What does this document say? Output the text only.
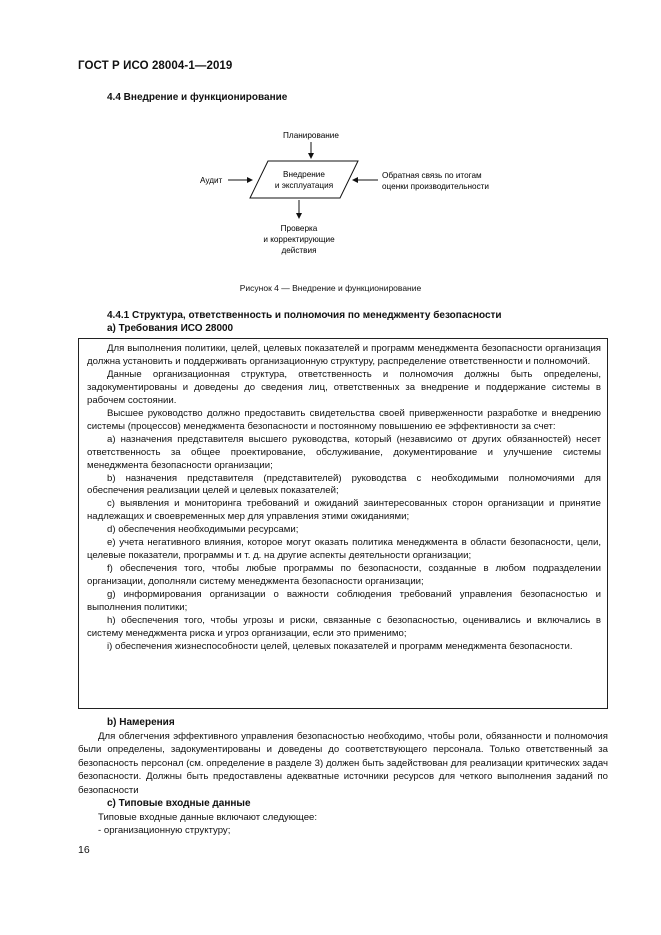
ГОСТ Р ИСО 28004-1—2019
4.4 Внедрение и функционирование
Планирование
Внедрение
и эксплуатация
Аудит
Обратная связь по итогам
оценки производительности
Проверка
и корректирующие
действия
Рисунок 4 — Внедрение и функционирование
4.4.1 Структура, ответственность и полномочия по менеджменту безопасности
а) Требования ИСО 28000

Для выполнения политики, целей, целевых показателей и программ менеджмента безопасности организация должна установить и поддерживать организационную структуру, распределение ответственности и полномочий.

Данные организационная структура, ответственность и полномочия должны быть определены, задокументированы и доведены до сведения лиц, ответственных за внедрение и поддержание системы в рабочем состоянии.

Высшее руководство должно предоставить свидетельства своей приверженности разработке и внедрению системы (процессов) менеджмента безопасности и постоянному повышению ее эффективности за счет:

а) назначения представителя высшего руководства, который (независимо от других обязанностей) несет ответственность за общее проектирование, обслуживание, документирование и улучшение системы менеджмента безопасности организации;

b) назначения представителя (представителей) руководства с необходимыми полномочиями для обеспечения реализации целей и целевых показателей;

c) выявления и мониторинга требований и ожиданий заинтересованных сторон организации и принятие надлежащих и своевременных мер для управления этими ожиданиями;

d) обеспечения необходимыми ресурсами;

e) учета негативного влияния, которое могут оказать политика менеджмента в области безопасности, цели, целевые показатели, программы и т. д. на другие аспекты деятельности организации;

f) обеспечения того, чтобы любые программы по безопасности, созданные в любом подразделении организации, дополняли систему менеджмента безопасности организации;

g) информирования организации о важности соблюдения требований управления безопасностью и выполнения политики;

h) обеспечения того, чтобы угрозы и риски, связанные с безопасностью, оценивались и включались в систему менеджмента риска и угроз организации, если это применимо;

i) обеспечения жизнеспособности целей, целевых показателей и программ менеджмента безопасности.

b) Намерения

Для облегчения эффективного управления безопасностью необходимо, чтобы роли, обязанности и полномочия были определены, задокументированы и доведены до соответствующего персонала. Только ответственный за безопасность персонал (см. определение в разделе 3) должен быть задействован для реализации критических задач безопасности. Должны быть предоставлены адекватные источники ресурсов для четкого выполнения заданий по безопасности

c) Типовые входные данные

Типовые входные данные включают следующее:

- организационную структуру;

16
